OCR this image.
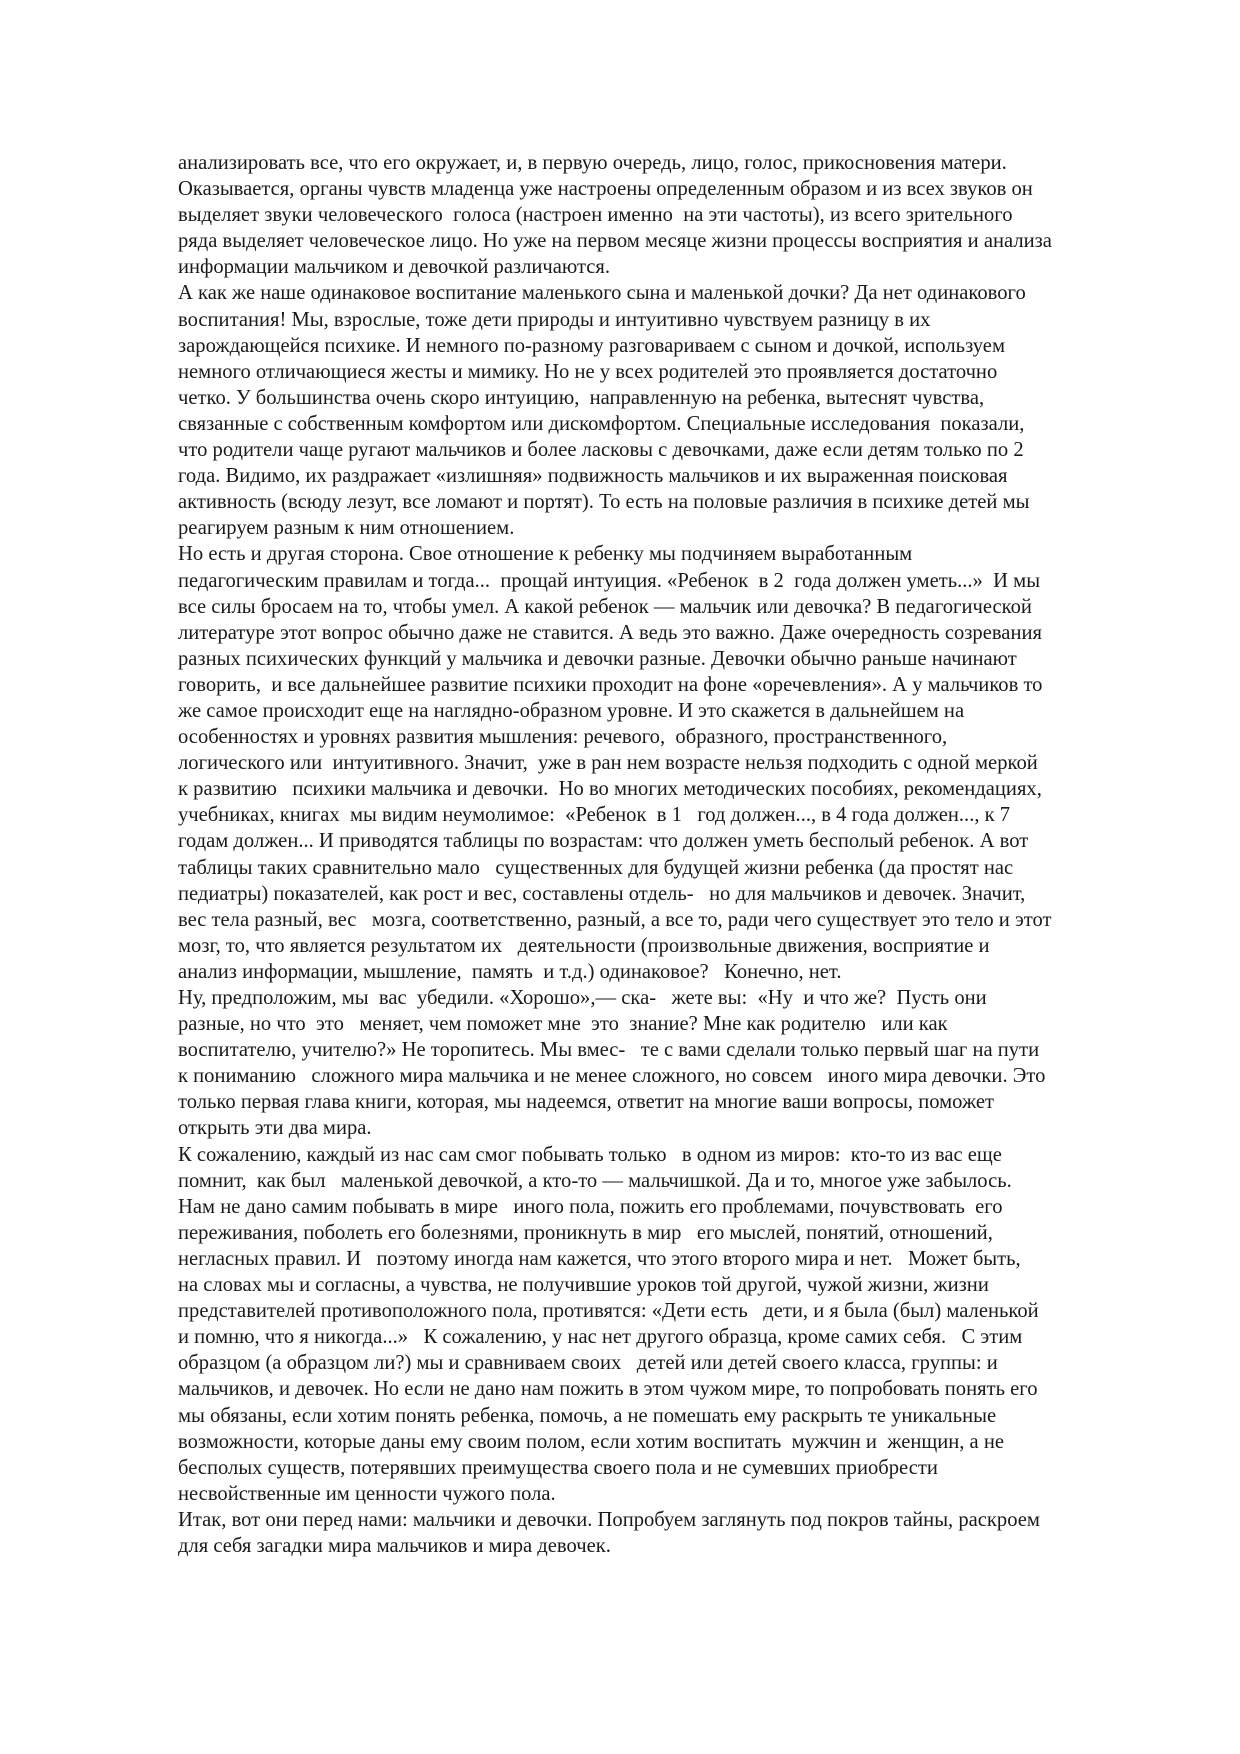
анализировать все, что его окружает, и, в первую очередь, лицо, голос, прикосновения матери.
Оказывается, органы чувств младенца уже настроены определенным образом и из всех звуков он
выделяет звуки человеческого  голоса (настроен именно  на эти частоты), из всего зрительного
ряда выделяет человеческое лицо. Но уже на первом месяце жизни процессы восприятия и анализа
информации мальчиком и девочкой различаются.
А как же наше одинаковое воспитание маленького сына и маленькой дочки? Да нет одинакового
воспитания! Мы, взрослые, тоже дети природы и интуитивно чувствуем разницу в их
зарождающейся психике. И немного по-разному разговариваем с сыном и дочкой, используем
немного отличающиеся жесты и мимику. Но не у всех родителей это проявляется достаточно
четко. У большинства очень скоро интуицию,  направленную на ребенка, вытеснят чувства,
связанные с собственным комфортом или дискомфортом. Специальные исследования  показали,
что родители чаще ругают мальчиков и более ласковы с девочками, даже если детям только по 2
года. Видимо, их раздражает «излишняя» подвижность мальчиков и их выраженная поисковая
активность (всюду лезут, все ломают и портят). То есть на половые различия в психике детей мы
реагируем разным к ним отношением.
Но есть и другая сторона. Свое отношение к ребенку мы подчиняем выработанным
педагогическим правилам и тогда...  прощай интуиция. «Ребенок  в 2  года должен уметь...»  И мы
все силы бросаем на то, чтобы умел. А какой ребенок — мальчик или девочка? В педагогической
литературе этот вопрос обычно даже не ставится. А ведь это важно. Даже очередность созревания
разных психических функций у мальчика и девочки разные. Девочки обычно раньше начинают
говорить,  и все дальнейшее развитие психики проходит на фоне «оречевления». А у мальчиков то
же самое происходит еще на наглядно-образном уровне. И это скажется в дальнейшем на
особенностях и уровнях развития мышления: речевого,  образного, пространственного,
логического или  интуитивного. Значит,  уже в ран нем возрасте нельзя подходить с одной меркой
к развитию   психики мальчика и девочки.  Но во многих методических пособиях, рекомендациях,
учебниках, книгах  мы видим неумолимое:  «Ребенок  в 1   год должен..., в 4 года должен..., к 7
годам должен... И приводятся таблицы по возрастам: что должен уметь бесполый ребенок. А вот
таблицы таких сравнительно мало   существенных для будущей жизни ребенка (да простят нас
педиатры) показателей, как рост и вес, составлены отдель-   но для мальчиков и девочек. Значит,
вес тела разный, вес   мозга, соответственно, разный, а все то, ради чего существует это тело и этот
мозг, то, что является результатом их   деятельности (произвольные движения, восприятие и
анализ информации, мышление,  память  и т.д.) одинаковое?   Конечно, нет.
Ну, предположим, мы  вас  убедили. «Хорошо»,— ска-   жете вы:  «Ну  и что же?  Пусть они
разные, но что  это   меняет, чем поможет мне  это  знание? Мне как родителю   или как
воспитателю, учителю?» Не торопитесь. Мы вмес-   те с вами сделали только первый шаг на пути
к пониманию   сложного мира мальчика и не менее сложного, но совсем   иного мира девочки. Это
только первая глава книги, которая, мы надеемся, ответит на многие ваши вопросы, поможет
открыть эти два мира.
К сожалению, каждый из нас сам смог побывать только   в одном из миров:  кто-то из вас еще
помнит,  как был   маленькой девочкой, а кто-то — мальчишкой. Да и то, многое уже забылось.
Нам не дано самим побывать в мире   иного пола, пожить его проблемами, почувствовать  его
переживания, поболеть его болезнями, проникнуть в мир   его мыслей, понятий, отношений,
негласных правил. И   поэтому иногда нам кажется, что этого второго мира и нет.   Может быть,
на словах мы и согласны, а чувства, не получившие уроков той другой, чужой жизни, жизни
представителей противоположного пола, противятся: «Дети есть   дети, и я была (был) маленькой
и помню, что я никогда...»   К сожалению, у нас нет другого образца, кроме самих себя.   С этим
образцом (а образцом ли?) мы и сравниваем своих   детей или детей своего класса, группы: и
мальчиков, и девочек. Но если не дано нам пожить в этом чужом мире, то попробовать понять его
мы обязаны, если хотим понять ребенка, помочь, а не помешать ему раскрыть те уникальные
возможности, которые даны ему своим полом, если хотим воспитать  мужчин и  женщин, а не
бесполых существ, потерявших преимущества своего пола и не сумевших приобрести
несвойственные им ценности чужого пола.
Итак, вот они перед нами: мальчики и девочки. Попробуем заглянуть под покров тайны, раскроем
для себя загадки мира мальчиков и мира девочек.
